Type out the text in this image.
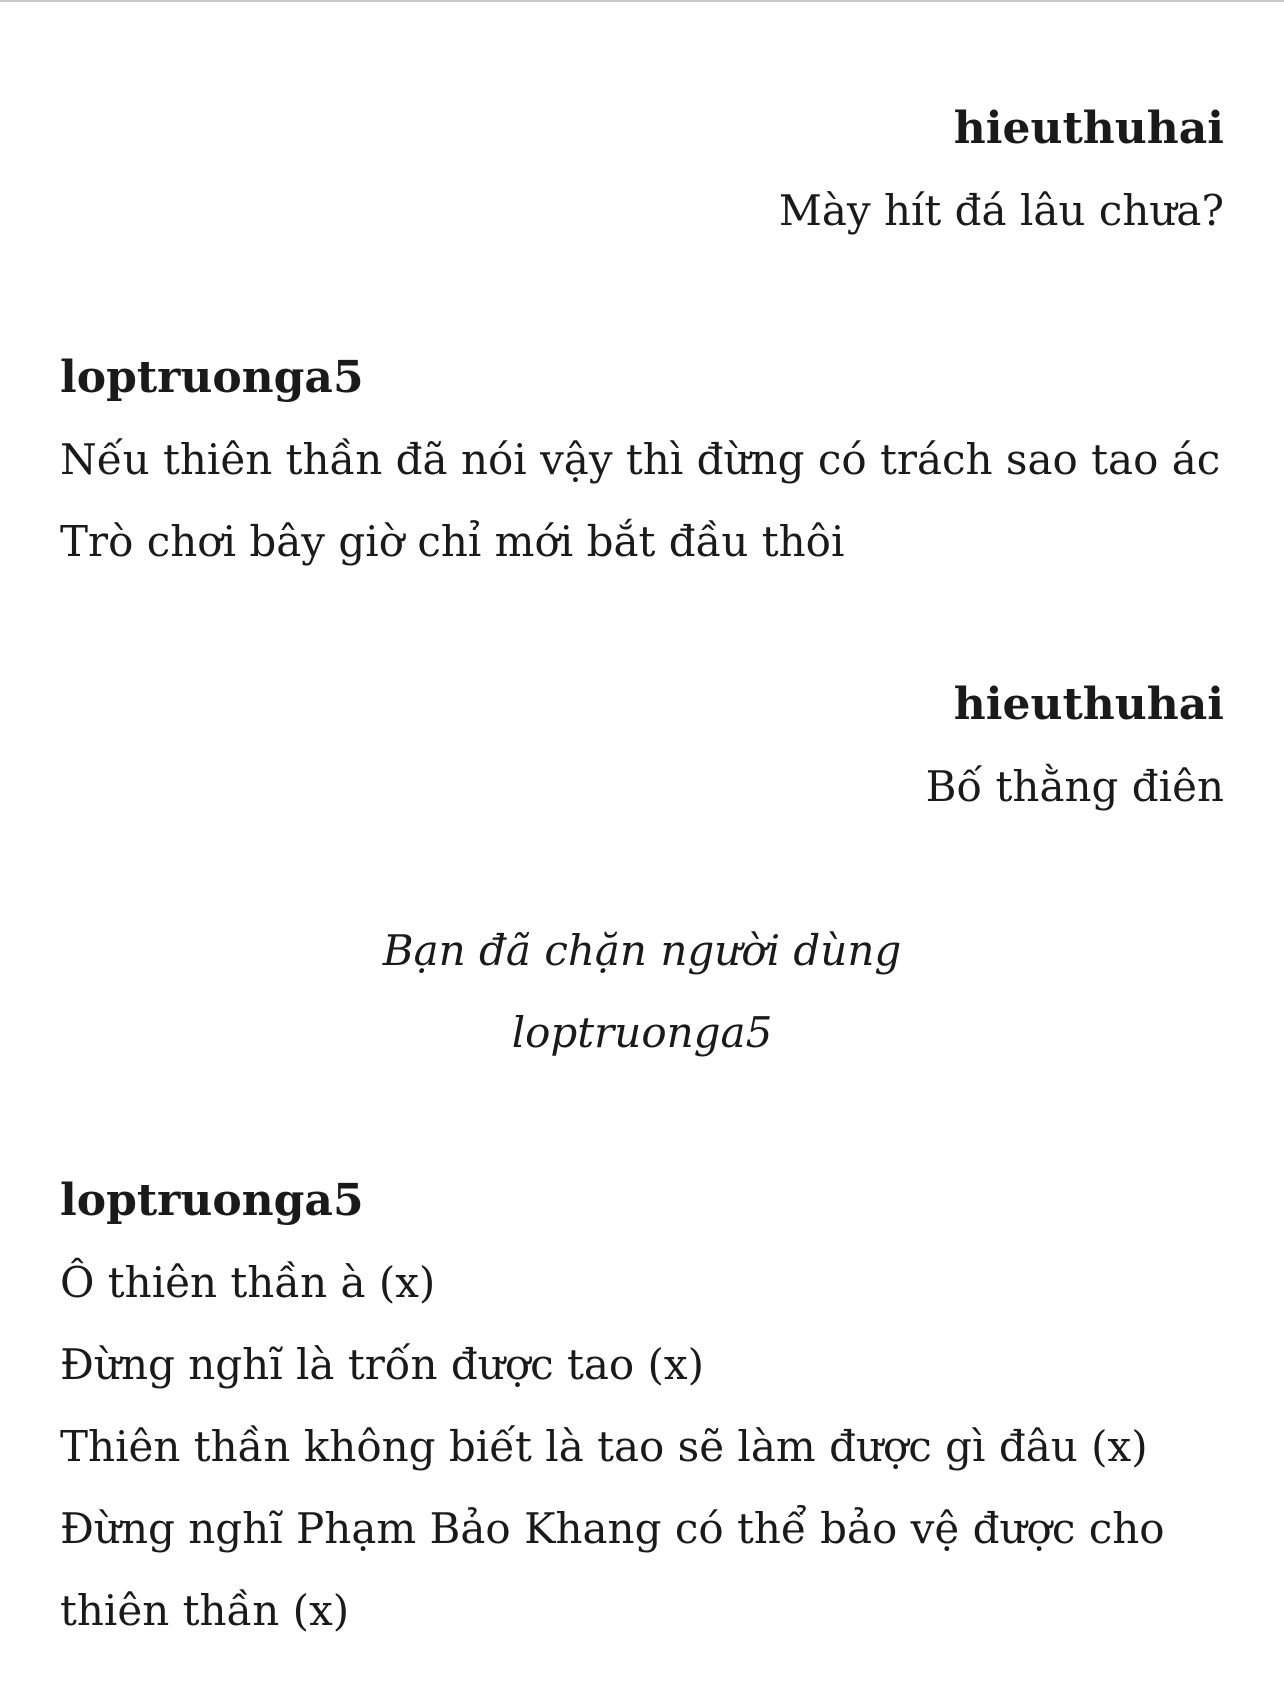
hieuthuhai
Mày hít đá lâu chưa?
loptruonga5
Nếu thiên thần đã nói vậy thì đừng có trách sao tao ác
Trò chơi bây giờ chỉ mới bắt đầu thôi
hieuthuhai
Bố thằng điên
Bạn đã chặn người dùng
loptruonga5
loptruonga5
Ô thiên thần à (x)
Đừng nghĩ là trốn được tao (x)
Thiên thần không biết là tao sẽ làm được gì đâu (x)
Đừng nghĩ Phạm Bảo Khang có thể bảo vệ được cho
thiên thần (x)
